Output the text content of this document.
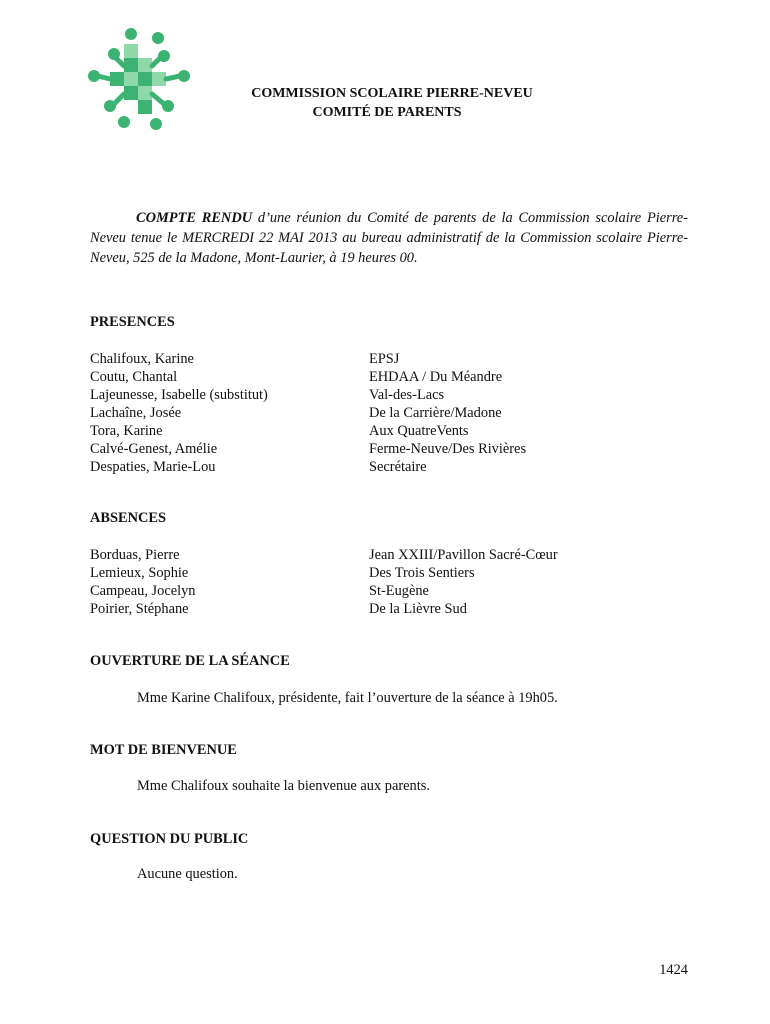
COMMISSION SCOLAIRE PIERRE-NEVEU
COMITÉ DE PARENTS
COMPTE RENDU d’une réunion du Comité de parents de la Commission scolaire Pierre-Neveu tenue le MERCREDI 22 MAI 2013 au bureau administratif de la Commission scolaire Pierre-Neveu, 525 de la Madone, Mont-Laurier, à 19 heures 00.
PRESENCES
Chalifoux, Karine	EPSJ
Coutu, Chantal	EHDAA / Du Méandre
Lajeunesse, Isabelle (substitut)	Val-des-Lacs
Lachaîne, Josée	De la Carrière/Madone
Tora, Karine	Aux QuatreVents
Calvé-Genest, Amélie	Ferme-Neuve/Des Rivières
Despaties, Marie-Lou	Secrétaire
ABSENCES
Borduas, Pierre	Jean XXIII/Pavillon Sacré-Cœur
Lemieux, Sophie	Des Trois Sentiers
Campeau, Jocelyn	St-Eugène
Poirier, Stéphane	De la Lièvre Sud
OUVERTURE DE LA SÉANCE
Mme Karine Chalifoux, présidente, fait l’ouverture de la séance à 19h05.
MOT DE BIENVENUE
Mme Chalifoux souhaite la bienvenue aux parents.
QUESTION DU PUBLIC
Aucune question.
1424
